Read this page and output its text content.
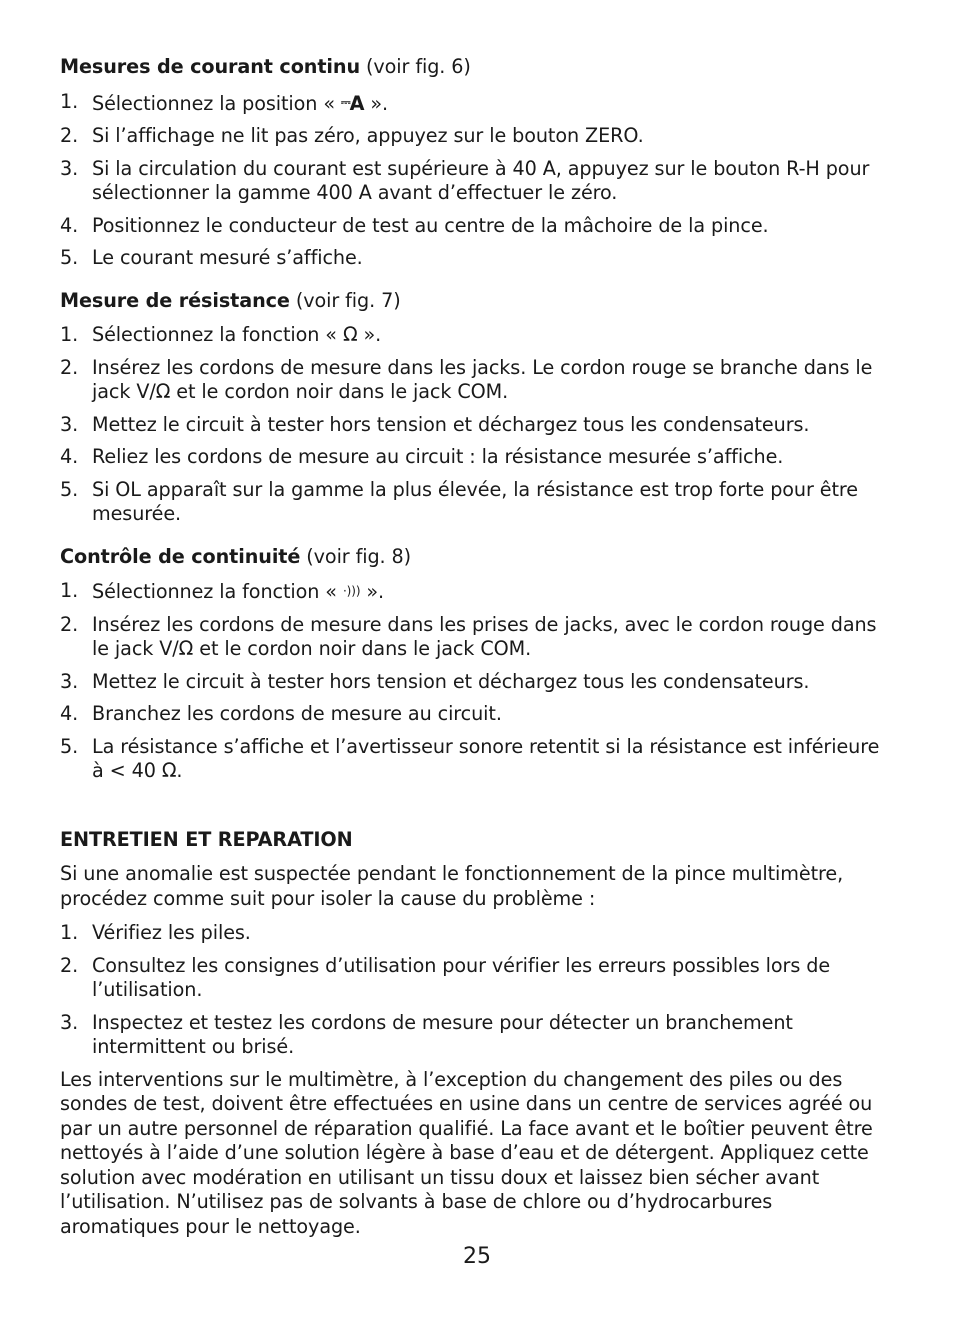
Mesures de courant continu (voir fig. 6)

1. Sélectionnez la position « ⎓A ».
2. Si l’affichage ne lit pas zéro, appuyez sur le bouton ZERO.
3. Si la circulation du courant est supérieure à 40 A, appuyez sur le bouton R-H pour sélectionner la gamme 400 A avant d’effectuer le zéro.
4. Positionnez le conducteur de test au centre de la mâchoire de la pince.
5. Le courant mesuré s’affiche.

Mesure de résistance (voir fig. 7)

1. Sélectionnez la fonction « Ω ».
2. Insérez les cordons de mesure dans les jacks. Le cordon rouge se branche dans le jack V/Ω et le cordon noir dans le jack COM.
3. Mettez le circuit à tester hors tension et déchargez tous les condensateurs.
4. Reliez les cordons de mesure au circuit : la résistance mesurée s’affiche.
5. Si OL apparaît sur la gamme la plus élevée, la résistance est trop forte pour être mesurée.

Contrôle de continuité (voir fig. 8)

1. Sélectionnez la fonction « ·))) ».
2. Insérez les cordons de mesure dans les prises de jacks, avec le cordon rouge dans le jack V/Ω et le cordon noir dans le jack COM.
3. Mettez le circuit à tester hors tension et déchargez tous les condensateurs.
4. Branchez les cordons de mesure au circuit.
5. La résistance s’affiche et l’avertisseur sonore retentit si la résistance est inférieure à < 40 Ω.

ENTRETIEN ET REPARATION

Si une anomalie est suspectée pendant le fonctionnement de la pince multimètre, procédez comme suit pour isoler la cause du problème :

1. Vérifiez les piles.
2. Consultez les consignes d’utilisation pour vérifier les erreurs possibles lors de l’utilisation.
3. Inspectez et testez les cordons de mesure pour détecter un branchement intermittent ou brisé.

Les interventions sur le multimètre, à l’exception du changement des piles ou des sondes de test, doivent être effectuées en usine dans un centre de services agréé ou par un autre personnel de réparation qualifié. La face avant et le boîtier peuvent être nettoyés à l’aide d’une solution légère à base d’eau et de détergent. Appliquez cette solution avec modération en utilisant un tissu doux et laissez bien sécher avant l’utilisation. N’utilisez pas de solvants à base de chlore ou d’hydrocarbures aromatiques pour le nettoyage.

25
